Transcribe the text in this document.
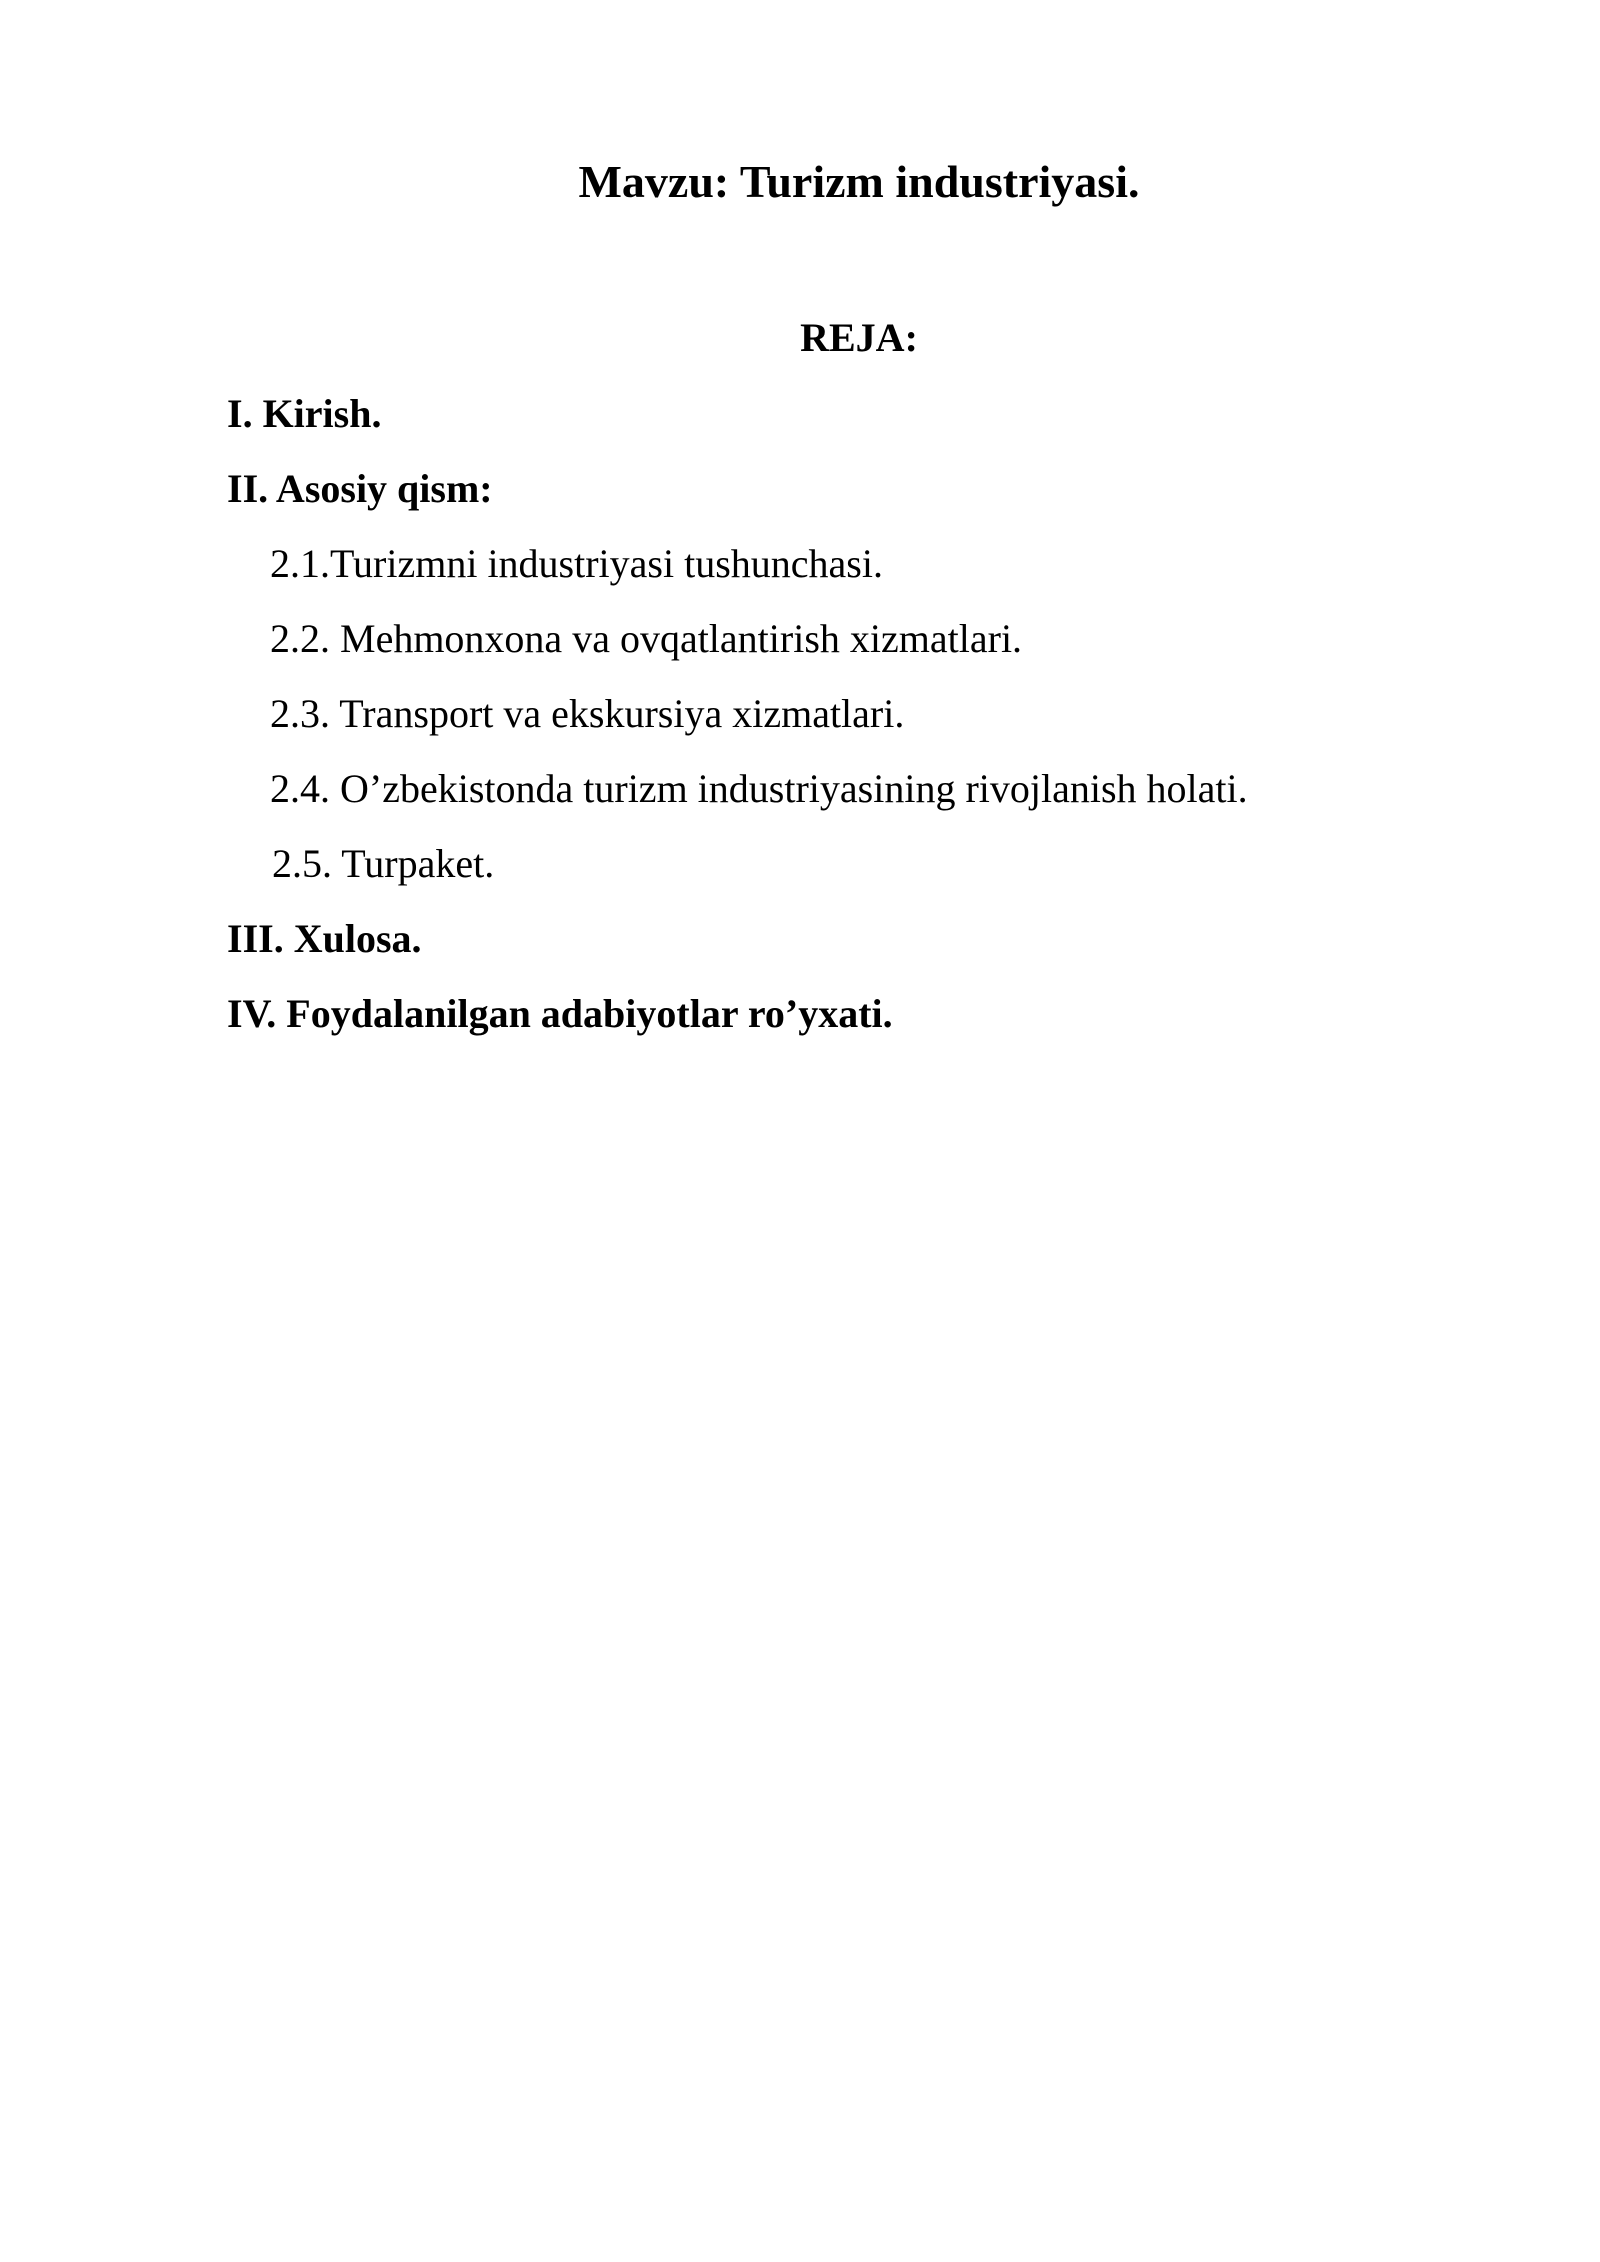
Mavzu: Turizm industriyasi.
REJA:
I. Kirish.
II. Asosiy qism:
2.1.Turizmni industriyasi tushunchasi.
2.2. Mehmonxona va ovqatlantirish xizmatlari.
2.3. Transport va ekskursiya xizmatlari.
2.4. O’zbekistonda turizm industriyasining rivojlanish holati.
2.5. Turpaket.
III. Xulosa.
IV. Foydalanilgan adabiyotlar ro’yxati.
